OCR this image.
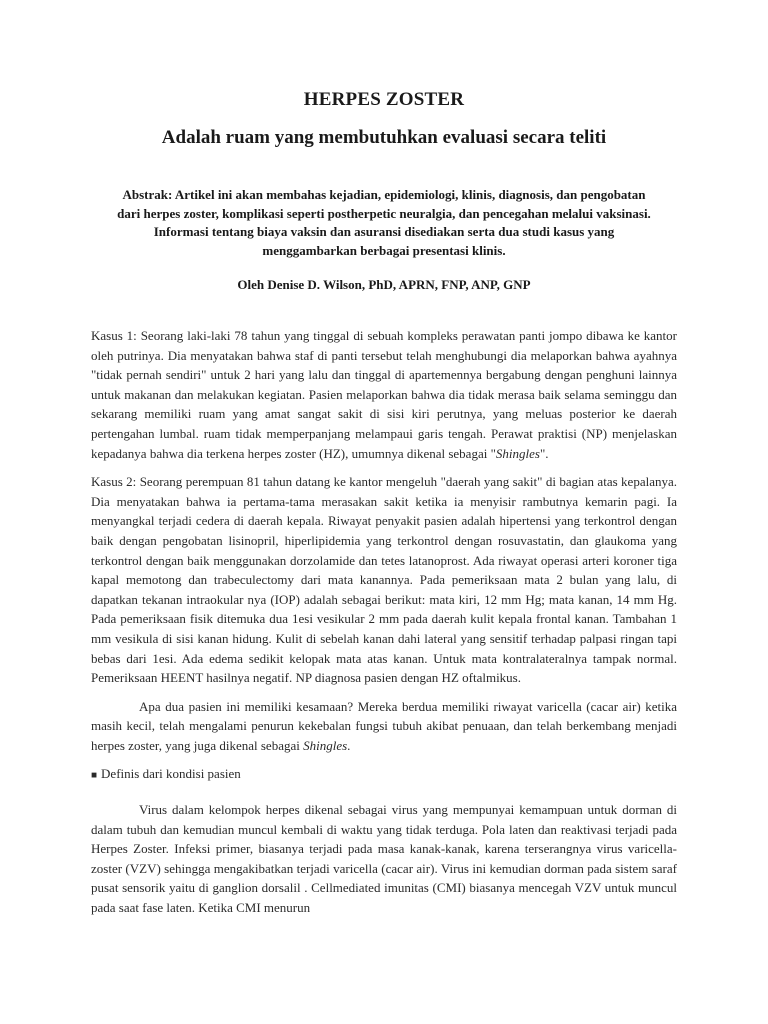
HERPES ZOSTER
Adalah ruam yang membutuhkan evaluasi secara teliti

Abstrak: Artikel ini akan membahas kejadian, epidemiologi, klinis, diagnosis, dan pengobatan dari herpes zoster, komplikasi seperti postherpetic neuralgia, dan pencegahan melalui vaksinasi. Informasi tentang biaya vaksin dan asuransi disediakan serta dua studi kasus yang menggambarkan berbagai presentasi klinis.

Oleh Denise D. Wilson, PhD, APRN, FNP, ANP, GNP

Kasus 1: Seorang laki-laki 78 tahun yang tinggal di sebuah kompleks perawatan panti jompo dibawa ke kantor oleh putrinya. Dia menyatakan bahwa staf di panti tersebut telah menghubungi dia melaporkan bahwa ayahnya "tidak pernah sendiri" untuk 2 hari yang lalu dan tinggal di apartemennya bergabung dengan penghuni lainnya untuk makanan dan melakukan kegiatan. Pasien melaporkan bahwa dia tidak merasa baik selama seminggu dan sekarang memiliki ruam yang amat sangat sakit di sisi kiri perutnya, yang meluas posterior ke daerah pertengahan lumbal. ruam tidak memperpanjang melampaui garis tengah. Perawat praktisi (NP) menjelaskan kepadanya bahwa dia terkena herpes zoster (HZ), umumnya dikenal sebagai "Shingles".

Kasus 2: Seorang perempuan 81 tahun datang ke kantor mengeluh "daerah yang sakit" di bagian atas kepalanya. Dia menyatakan bahwa ia pertama-tama merasakan sakit ketika ia menyisir rambutnya kemarin pagi. Ia menyangkal terjadi cedera di daerah kepala. Riwayat penyakit pasien adalah hipertensi yang terkontrol dengan baik dengan pengobatan lisinopril, hiperlipidemia yang terkontrol dengan rosuvastatin, dan glaukoma yang terkontrol dengan baik menggunakan dorzolamide dan tetes latanoprost. Ada riwayat operasi arteri koroner tiga kapal memotong dan trabeculectomy dari mata kanannya. Pada pemeriksaan mata 2 bulan yang lalu, di dapatkan tekanan intraokular nya (IOP) adalah sebagai berikut: mata kiri, 12 mm Hg; mata kanan, 14 mm Hg. Pada pemeriksaan fisik ditemuka dua 1esi vesikular 2 mm pada daerah kulit kepala frontal kanan. Tambahan 1 mm vesikula di sisi kanan hidung. Kulit di sebelah kanan dahi lateral yang sensitif terhadap palpasi ringan tapi bebas dari 1esi. Ada edema sedikit kelopak mata atas kanan. Untuk mata kontralateralnya tampak normal. Pemeriksaan HEENT hasilnya negatif. NP diagnosa pasien dengan HZ oftalmikus.

Apa dua pasien ini memiliki kesamaan? Mereka berdua memiliki riwayat varicella (cacar air) ketika masih kecil, telah mengalami penurun kekebalan fungsi tubuh akibat penuaan, dan telah berkembang menjadi herpes zoster, yang juga dikenal sebagai Shingles.

■ Definis dari kondisi pasien

Virus dalam kelompok herpes dikenal sebagai virus yang mempunyai kemampuan untuk dorman di dalam tubuh dan kemudian muncul kembali di waktu yang tidak terduga. Pola laten dan reaktivasi terjadi pada Herpes Zoster. Infeksi primer, biasanya terjadi pada masa kanak-kanak, karena terserangnya virus varicella-zoster (VZV) sehingga mengakibatkan terjadi varicella (cacar air). Virus ini kemudian dorman pada sistem saraf pusat sensorik yaitu di ganglion dorsalil . Cellmediated imunitas (CMI) biasanya mencegah VZV untuk muncul pada saat fase laten. Ketika CMI menurun
